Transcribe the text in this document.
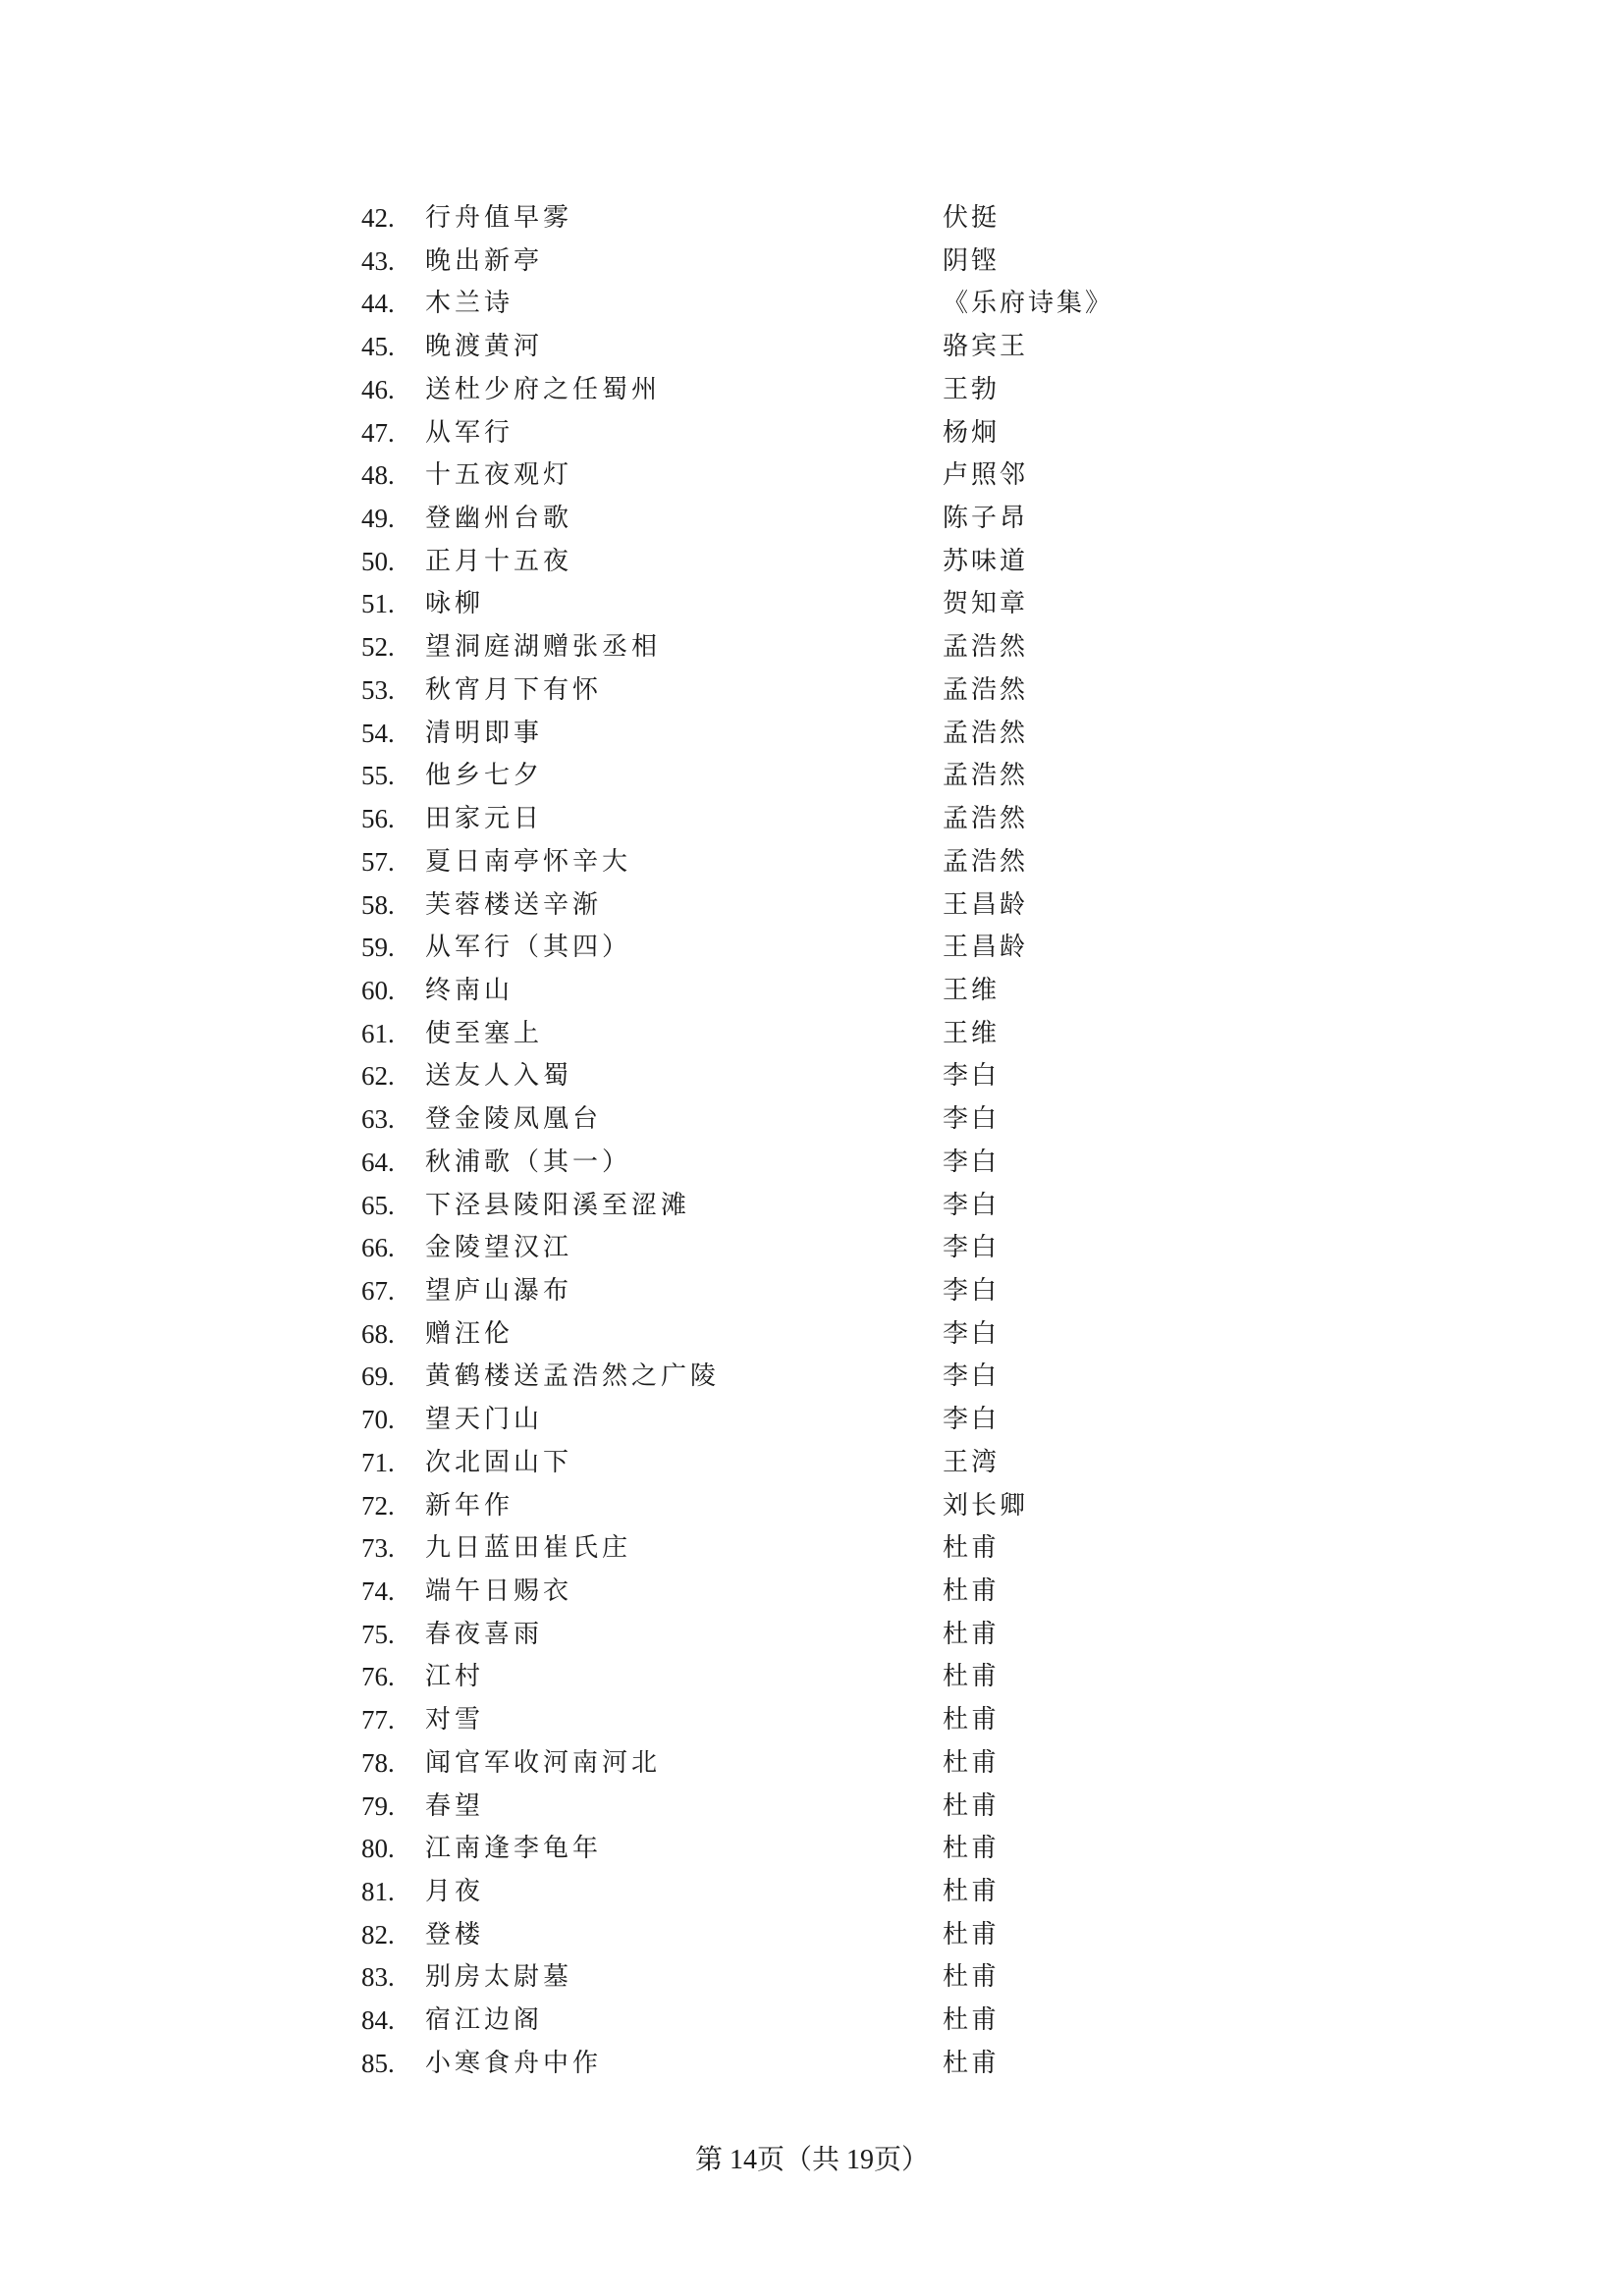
42. 行舟值早雾	伏挺
43. 晚出新亭	阴铿
44. 木兰诗	《乐府诗集》
45. 晚渡黄河	骆宾王
46. 送杜少府之任蜀州	王勃
47. 从军行	杨炯
48. 十五夜观灯	卢照邻
49. 登幽州台歌	陈子昂
50. 正月十五夜	苏味道
51. 咏柳	贺知章
52. 望洞庭湖赠张丞相	孟浩然
53. 秋宵月下有怀	孟浩然
54. 清明即事	孟浩然
55. 他乡七夕	孟浩然
56. 田家元日	孟浩然
57. 夏日南亭怀辛大	孟浩然
58. 芙蓉楼送辛渐	王昌龄
59. 从军行（其四）	王昌龄
60. 终南山	王维
61. 使至塞上	王维
62. 送友人入蜀	李白
63. 登金陵凤凰台	李白
64. 秋浦歌（其一）	李白
65. 下泾县陵阳溪至涩滩	李白
66. 金陵望汉江	李白
67. 望庐山瀑布	李白
68. 赠汪伦	李白
69. 黄鹤楼送孟浩然之广陵	李白
70. 望天门山	李白
71. 次北固山下	王湾
72. 新年作	刘长卿
73. 九日蓝田崔氏庄	杜甫
74. 端午日赐衣	杜甫
75. 春夜喜雨	杜甫
76. 江村	杜甫
77. 对雪	杜甫
78. 闻官军收河南河北	杜甫
79. 春望	杜甫
80. 江南逢李龟年	杜甫
81. 月夜	杜甫
82. 登楼	杜甫
83. 别房太尉墓	杜甫
84. 宿江边阁	杜甫
85. 小寒食舟中作	杜甫
第 14页（共 19页）
